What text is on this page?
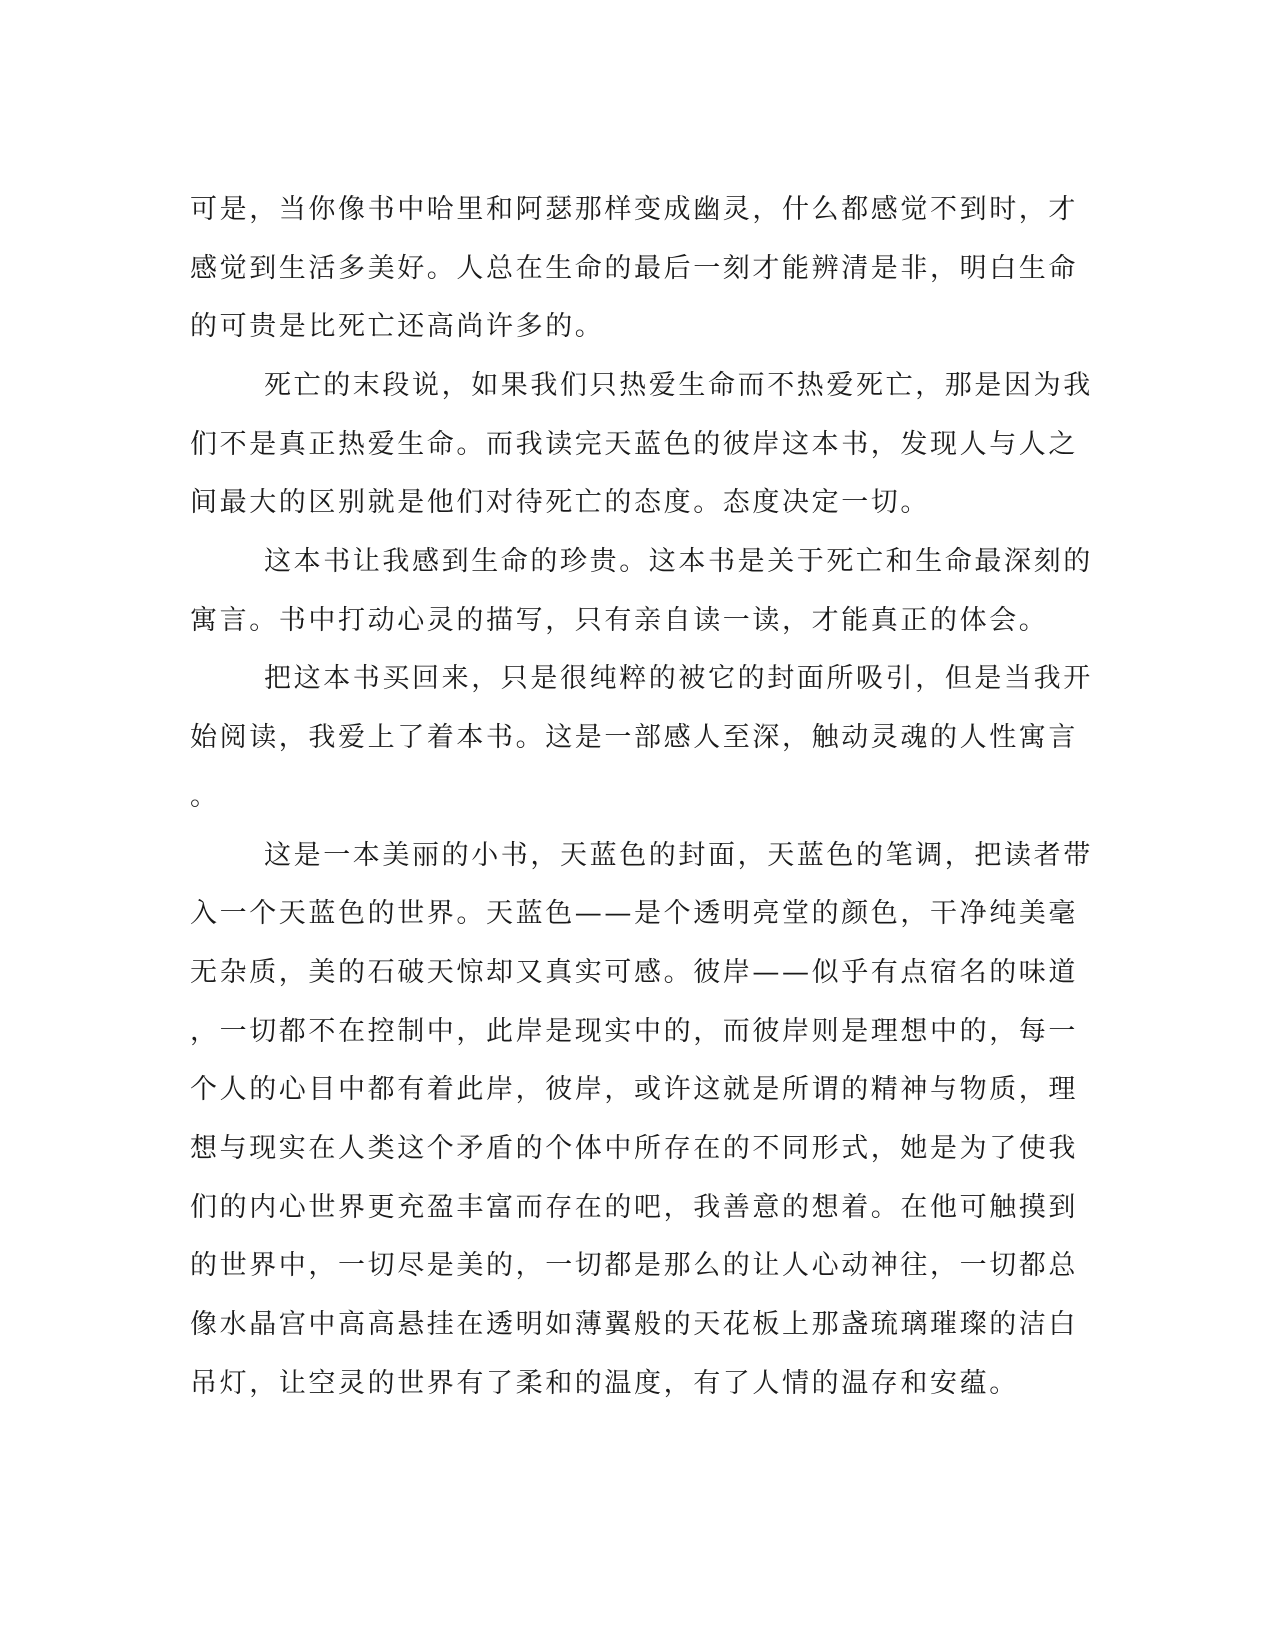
可是，当你像书中哈里和阿瑟那样变成幽灵，什么都感觉不到时，才
感觉到生活多美好。人总在生命的最后一刻才能辨清是非，明白生命
的可贵是比死亡还高尚许多的。
死亡的末段说，如果我们只热爱生命而不热爱死亡，那是因为我
们不是真正热爱生命。而我读完天蓝色的彼岸这本书，发现人与人之
间最大的区别就是他们对待死亡的态度。态度决定一切。
这本书让我感到生命的珍贵。这本书是关于死亡和生命最深刻的
寓言。书中打动心灵的描写，只有亲自读一读，才能真正的体会。
把这本书买回来，只是很纯粹的被它的封面所吸引，但是当我开
始阅读，我爱上了着本书。这是一部感人至深，触动灵魂的人性寓言
。
这是一本美丽的小书，天蓝色的封面，天蓝色的笔调，把读者带
入一个天蓝色的世界。天蓝色——是个透明亮堂的颜色，干净纯美毫
无杂质，美的石破天惊却又真实可感。彼岸——似乎有点宿名的味道
，一切都不在控制中，此岸是现实中的，而彼岸则是理想中的，每一
个人的心目中都有着此岸，彼岸，或许这就是所谓的精神与物质，理
想与现实在人类这个矛盾的个体中所存在的不同形式，她是为了使我
们的内心世界更充盈丰富而存在的吧，我善意的想着。在他可触摸到
的世界中，一切尽是美的，一切都是那么的让人心动神往，一切都总
像水晶宫中高高悬挂在透明如薄翼般的天花板上那盏琉璃璀璨的洁白
吊灯，让空灵的世界有了柔和的温度，有了人情的温存和安蕴。
